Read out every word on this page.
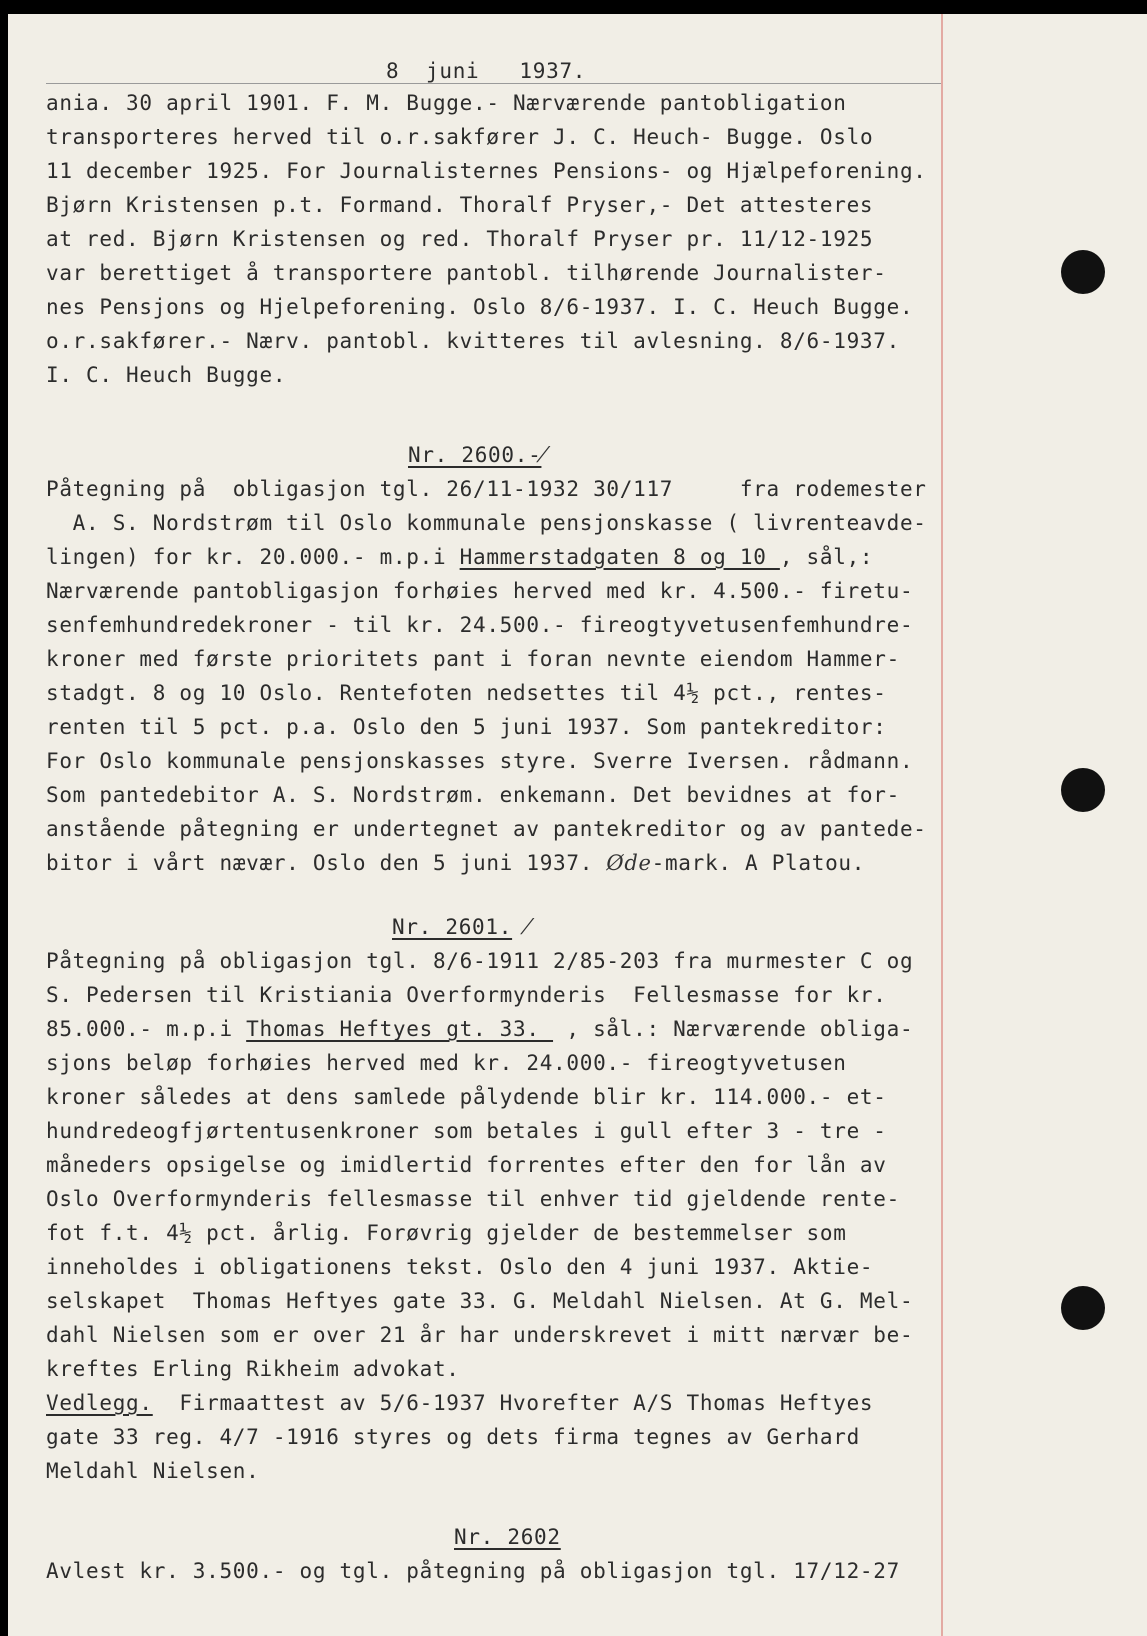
8  juni   1937.

ania. 30 april 1901. F. M. Bugge.- Nærværende pantobligation

transporteres herved til o.r.sakfører J. C. Heuch- Bugge. Oslo

11 december 1925. For Journalisternes Pensions- og Hjælpeforening.

Bjørn Kristensen p.t. Formand. Thoralf Pryser,- Det attesteres

at red. Bjørn Kristensen og red. Thoralf Pryser pr. 11/12-1925

var berettiget å transportere pantobl. tilhørende Journalister-

nes Pensjons og Hjelpeforening. Oslo 8/6-1937. I. C. Heuch Bugge.

o.r.sakfører.- Nærv. pantobl. kvitteres til avlesning. 8/6-1937.

I. C. Heuch Bugge.

Nr. 2600.-⁄

Påtegning på  obligasjon tgl. 26/11-1932 30/117     fra rodemester

A. S. Nordstrøm til Oslo kommunale pensjonskasse ( livrenteavde-

lingen) for kr. 20.000.- m.p.i Hammerstadgaten 8 og 10 , sål,:

Nærværende pantobligasjon forhøies herved med kr. 4.500.- firetu-

senfemhundredekroner - til kr. 24.500.- fireogtyvetusenfemhundre-

kroner med første prioritets pant i foran nevnte eiendom Hammer-

stadgt. 8 og 10 Oslo. Rentefoten nedsettes til 4½ pct., rentes-

renten til 5 pct. p.a. Oslo den 5 juni 1937. Som pantekreditor:

For Oslo kommunale pensjonskasses styre. Sverre Iversen. rådmann.

Som pantedebitor A. S. Nordstrøm. enkemann. Det bevidnes at for-

anstående påtegning er undertegnet av pantekreditor og av pantede-

bitor i vårt nævær. Oslo den 5 juni 1937. Øde-mark. A Platou.

Nr. 2601. ⁄

Påtegning på obligasjon tgl. 8/6-1911 2/85-203 fra murmester C og

S. Pedersen til Kristiania Overformynderis  Fellesmasse for kr.

85.000.- m.p.i Thomas Heftyes gt. 33.  , sål.: Nærværende obliga-

sjons beløp forhøies herved med kr. 24.000.- fireogtyvetusen

kroner således at dens samlede pålydende blir kr. 114.000.- et-

hundredeogfjørtentusenkroner som betales i gull efter 3 - tre -

måneders opsigelse og imidlertid forrentes efter den for lån av

Oslo Overformynderis fellesmasse til enhver tid gjeldende rente-

fot f.t. 4½ pct. årlig. Forøvrig gjelder de bestemmelser som

inneholdes i obligationens tekst. Oslo den 4 juni 1937. Aktie-

selskapet  Thomas Heftyes gate 33. G. Meldahl Nielsen. At G. Mel-

dahl Nielsen som er over 21 år har underskrevet i mitt nærvær be-

kreftes Erling Rikheim advokat.

Vedlegg.  Firmaattest av 5/6-1937 Hvorefter A/S Thomas Heftyes

gate 33 reg. 4/7 -1916 styres og dets firma tegnes av Gerhard

Meldahl Nielsen.

Nr. 2602

Avlest kr. 3.500.- og tgl. påtegning på obligasjon tgl. 17/12-27
